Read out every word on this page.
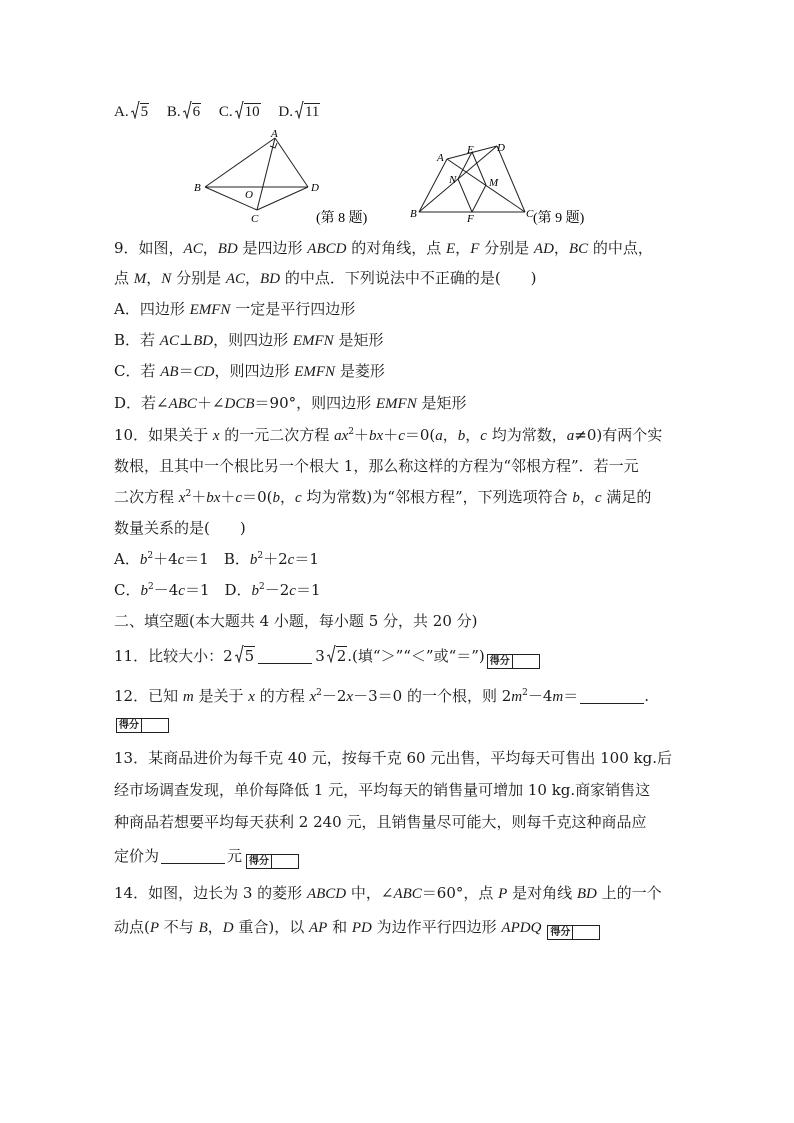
A. 5 B. 6 C. 10 D. 11
A
B
C
D
O
(第 8 题)
A
E D
N	M
B	F	C (第 9 题)
9．如图，AC，BD 是四边形 ABCD 的对角线，点 E，F 分别是 AD，BC 的中点，
点 M，N 分别是 AC，BD 的中点．下列说法中不正确的是(　　)
A．四边形 EMFN 一定是平行四边形
B．若 AC⊥BD，则四边形 EMFN 是矩形
C．若 AB＝CD，则四边形 EMFN 是菱形
D．若∠ABC＋∠DCB＝90°，则四边形 EMFN 是矩形
10．如果关于 x 的一元二次方程 $ax^2+bx+c=0(a$，b，c 均为常数，a≠0)有两个实
数根，且其中一个根比另一个根大 1，那么称这样的方程为“邻根方程”．若一元
二次方程 $x^2+bx+c=0(b$，c 均为常数)为“邻根方程”，下列选项符合 b，c 满足的
数量关系的是(　　)
A．$b^2+4c=1$　B．$b^2+2c=1$
C．$b^2-4c=1$　D．$b^2-2c=1$
二、填空题(本大题共 4 小题，每小题 5 分，共 20 分)
11．比较大小：2 5	3 2.(填“＞”“＜”或“＝”) 得分
12．已知 m 是关于 x 的方程 $x^2-2x-3=0$ 的一个根，则 $2m^2-4m=$	.
得分
13．某商品进价为每千克 40 元，按每千克 60 元出售，平均每天可售出 100 kg.后
经市场调查发现，单价每降低 1 元，平均每天的销售量可增加 10 kg.商家销售这
种商品若想要平均每天获利 2 240 元，且销售量尽可能大，则每千克这种商品应
定价为	元 得分
14．如图，边长为 3 的菱形 ABCD 中，∠ABC＝60°，点 P 是对角线 BD 上的一个
动点(P 不与 B，D 重合)，以 AP 和 PD 为边作平行四边形 APDQ 得分
